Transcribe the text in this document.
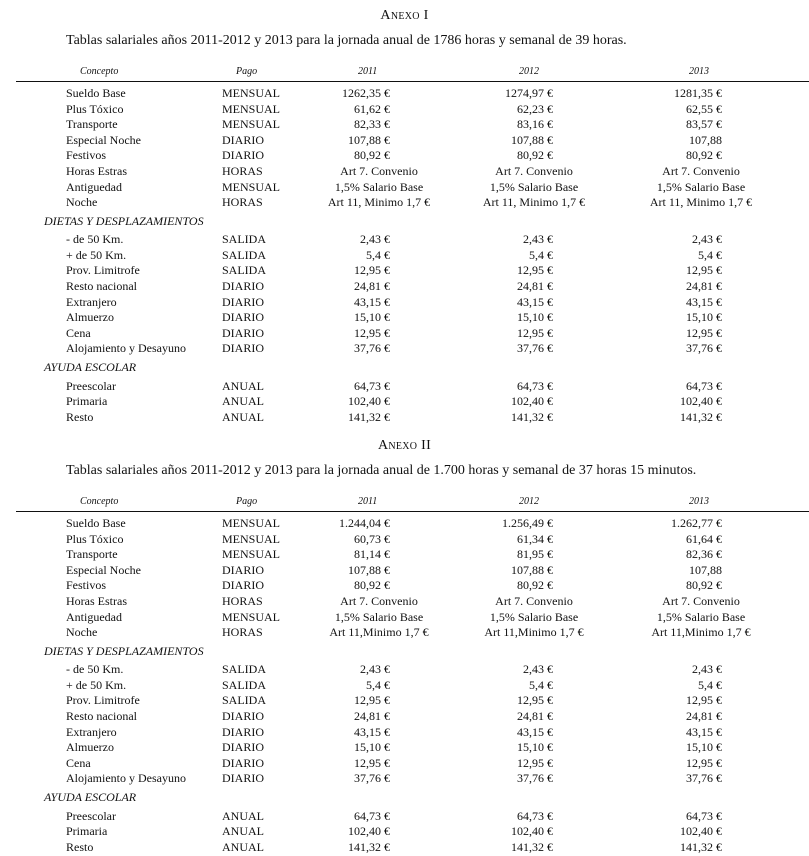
Anexo I
Tablas salariales años 2011-2012 y 2013 para la jornada anual de 1786 horas y semanal de 39 horas.
Concepto	Pago	2011	2012	2013
Sueldo Base	MENSUAL	1262,35 €	1274,97 €	1281,35 €
Plus Tóxico	MENSUAL	61,62 €	62,23 €	62,55 €
Transporte	MENSUAL	82,33 €	83,16 €	83,57 €
Especial Noche	DIARIO	107,88 €	107,88 €	107,88
Festivos	DIARIO	80,92 €	80,92 €	80,92 €
Horas Estras	HORAS	Art 7. Convenio	Art 7. Convenio	Art 7. Convenio
Antiguedad	MENSUAL	1,5% Salario Base	1,5% Salario Base	1,5% Salario Base
Noche	HORAS	Art 11, Minimo 1,7 €	Art 11, Minimo 1,7 €	Art 11, Minimo 1,7 €
DIETAS Y DESPLAZAMIENTOS
- de 50 Km.	SALIDA	2,43 €	2,43 €	2,43 €
+ de 50 Km.	SALIDA	5,4 €	5,4 €	5,4 €
Prov. Limitrofe	SALIDA	12,95 €	12,95 €	12,95 €
Resto nacional	DIARIO	24,81 €	24,81 €	24,81 €
Extranjero	DIARIO	43,15 €	43,15 €	43,15 €
Almuerzo	DIARIO	15,10 €	15,10 €	15,10 €
Cena	DIARIO	12,95 €	12,95 €	12,95 €
Alojamiento y Desayuno	DIARIO	37,76 €	37,76 €	37,76 €
AYUDA ESCOLAR
Preescolar	ANUAL	64,73 €	64,73 €	64,73 €
Primaria	ANUAL	102,40 €	102,40 €	102,40 €
Resto	ANUAL	141,32 €	141,32 €	141,32 €
Anexo II
Tablas salariales años 2011-2012 y 2013 para la jornada anual de 1.700 horas y semanal de 37 horas 15 minutos.
Concepto	Pago	2011	2012	2013
Sueldo Base	MENSUAL	1.244,04 €	1.256,49 €	1.262,77 €
Plus Tóxico	MENSUAL	60,73 €	61,34 €	61,64 €
Transporte	MENSUAL	81,14 €	81,95 €	82,36 €
Especial Noche	DIARIO	107,88 €	107,88 €	107,88
Festivos	DIARIO	80,92 €	80,92 €	80,92 €
Horas Estras	HORAS	Art 7. Convenio	Art 7. Convenio	Art 7. Convenio
Antiguedad	MENSUAL	1,5% Salario Base	1,5% Salario Base	1,5% Salario Base
Noche	HORAS	Art 11,Minimo 1,7 €	Art 11,Minimo 1,7 €	Art 11,Minimo 1,7 €
DIETAS Y DESPLAZAMIENTOS
- de 50 Km.	SALIDA	2,43 €	2,43 €	2,43 €
+ de 50 Km.	SALIDA	5,4 €	5,4 €	5,4 €
Prov. Limitrofe	SALIDA	12,95 €	12,95 €	12,95 €
Resto nacional	DIARIO	24,81 €	24,81 €	24,81 €
Extranjero	DIARIO	43,15 €	43,15 €	43,15 €
Almuerzo	DIARIO	15,10 €	15,10 €	15,10 €
Cena	DIARIO	12,95 €	12,95 €	12,95 €
Alojamiento y Desayuno	DIARIO	37,76 €	37,76 €	37,76 €
AYUDA ESCOLAR
Preescolar	ANUAL	64,73 €	64,73 €	64,73 €
Primaria	ANUAL	102,40 €	102,40 €	102,40 €
Resto	ANUAL	141,32 €	141,32 €	141,32 €
